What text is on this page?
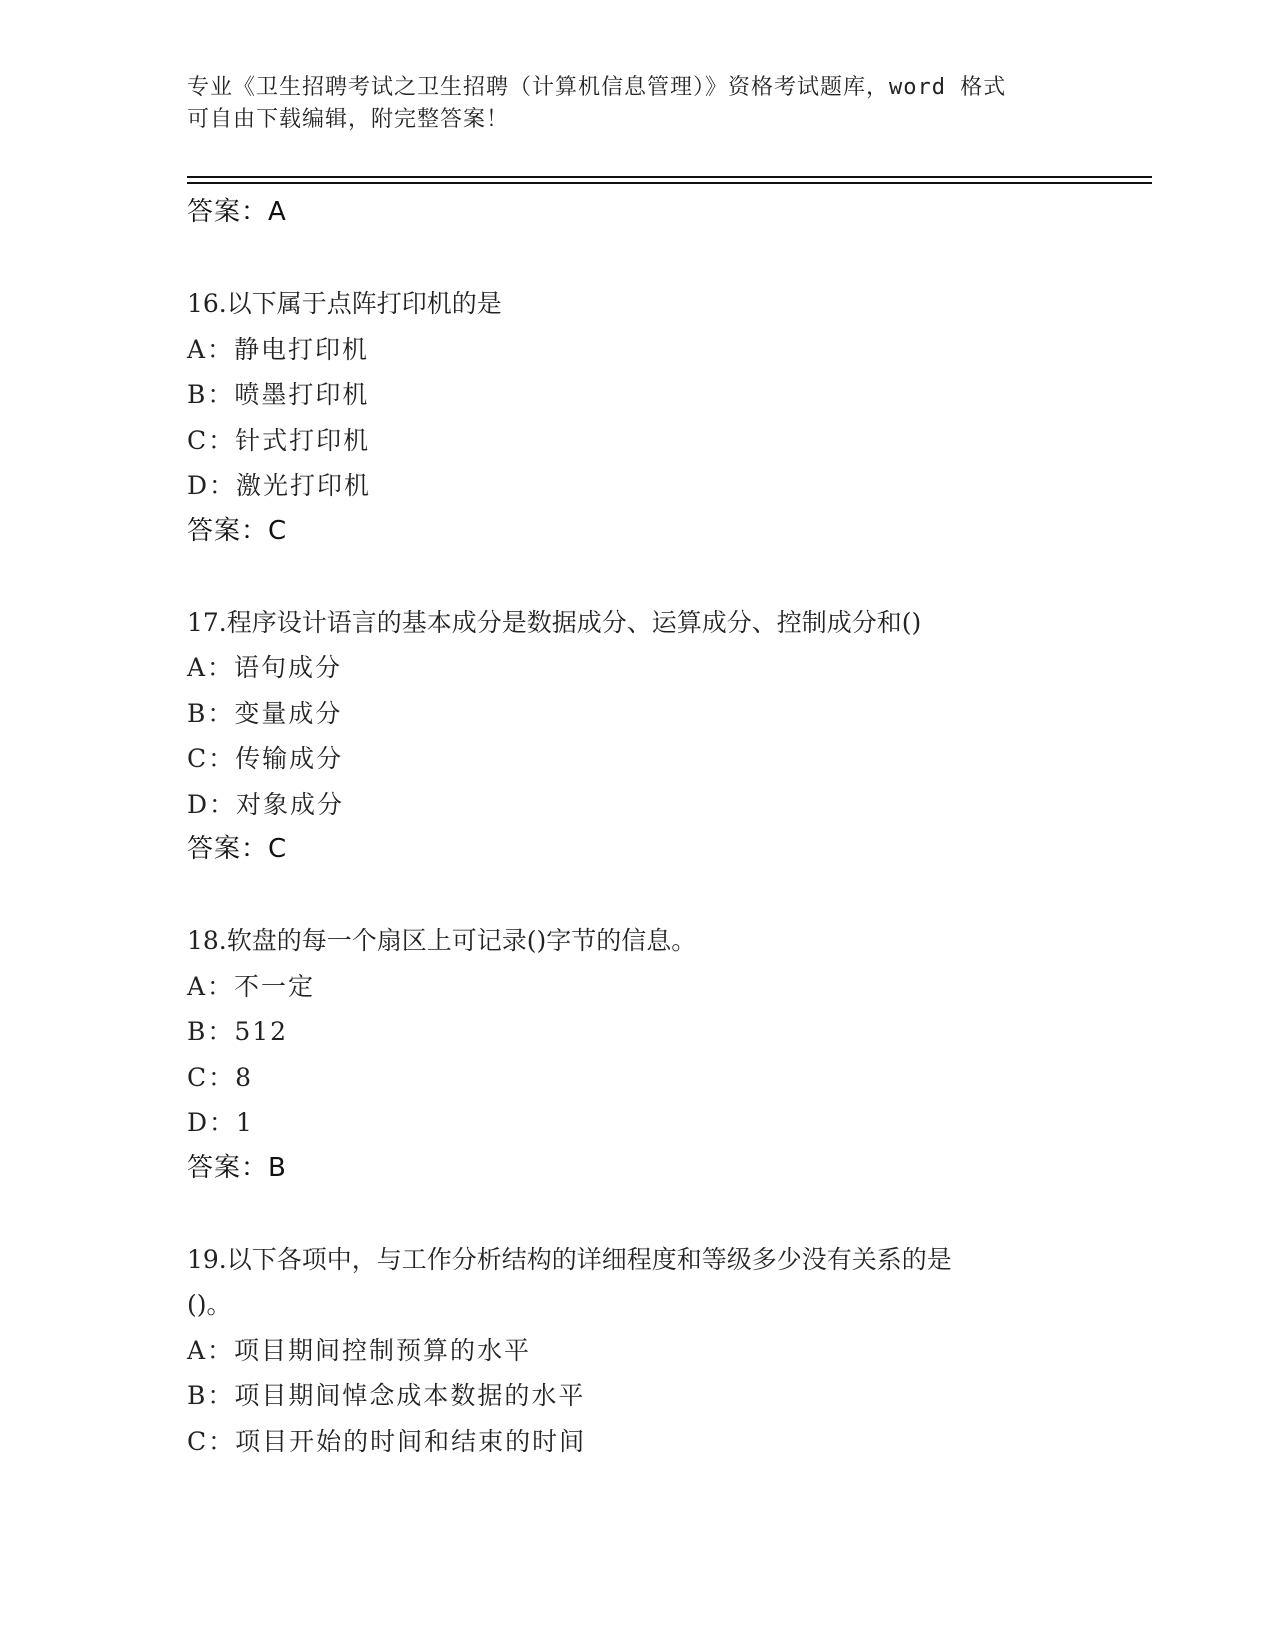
专业《卫生招聘考试之卫生招聘（计算机信息管理）》资格考试题库，word 格式
可自由下载编辑，附完整答案！
答案：A
16.以下属于点阵打印机的是
A：静电打印机
B：喷墨打印机
C：针式打印机
D：激光打印机
答案：C
17.程序设计语言的基本成分是数据成分、运算成分、控制成分和()
A：语句成分
B：变量成分
C：传输成分
D：对象成分
答案：C
18.软盘的每一个扇区上可记录()字节的信息。
A：不一定
B：512
C：8
D：1
答案：B
19.以下各项中，与工作分析结构的详细程度和等级多少没有关系的是
()。
A：项目期间控制预算的水平
B：项目期间悼念成本数据的水平
C：项目开始的时间和结束的时间
